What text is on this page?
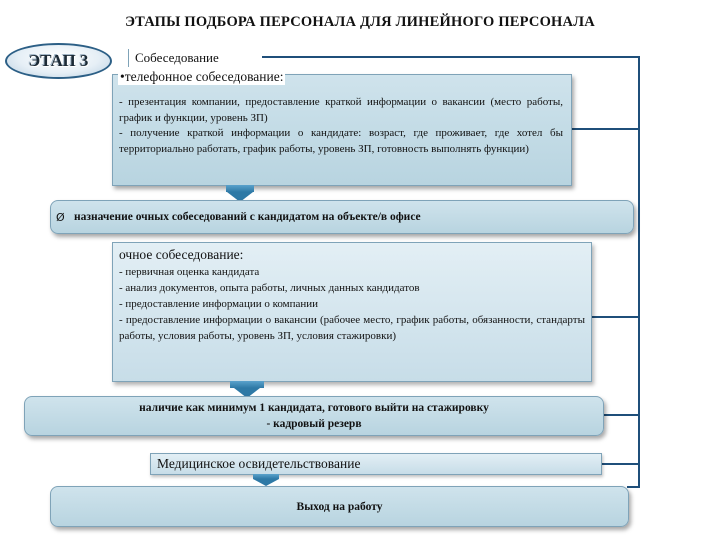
ЭТАПЫ ПОДБОРА ПЕРСОНАЛА ДЛЯ ЛИНЕЙНОГО ПЕРСОНАЛА
ЭТАП 3	Собеседование
•телефонное собеседование:
- презентация компании, предоставление краткой информации о вакансии (место работы, график и функции, уровень ЗП)
- получение краткой информации о кандидате: возраст, где проживает, где хотел бы территориально работать, график работы, уровень ЗП, готовность выполнять функции)
Ø назначение очных собеседований с кандидатом на объекте/в офисе
очное собеседование:
- первичная оценка кандидата
- анализ документов, опыта работы, личных данных кандидатов
- предоставление информации о компании
- предоставление информации о вакансии (рабочее место, график работы, обязанности, стандарты работы, условия работы, уровень ЗП, условия стажировки)
наличие как минимум 1 кандидата, готового выйти на стажировку
- кадровый резерв
Медицинское освидетельствование
Выход на работу
